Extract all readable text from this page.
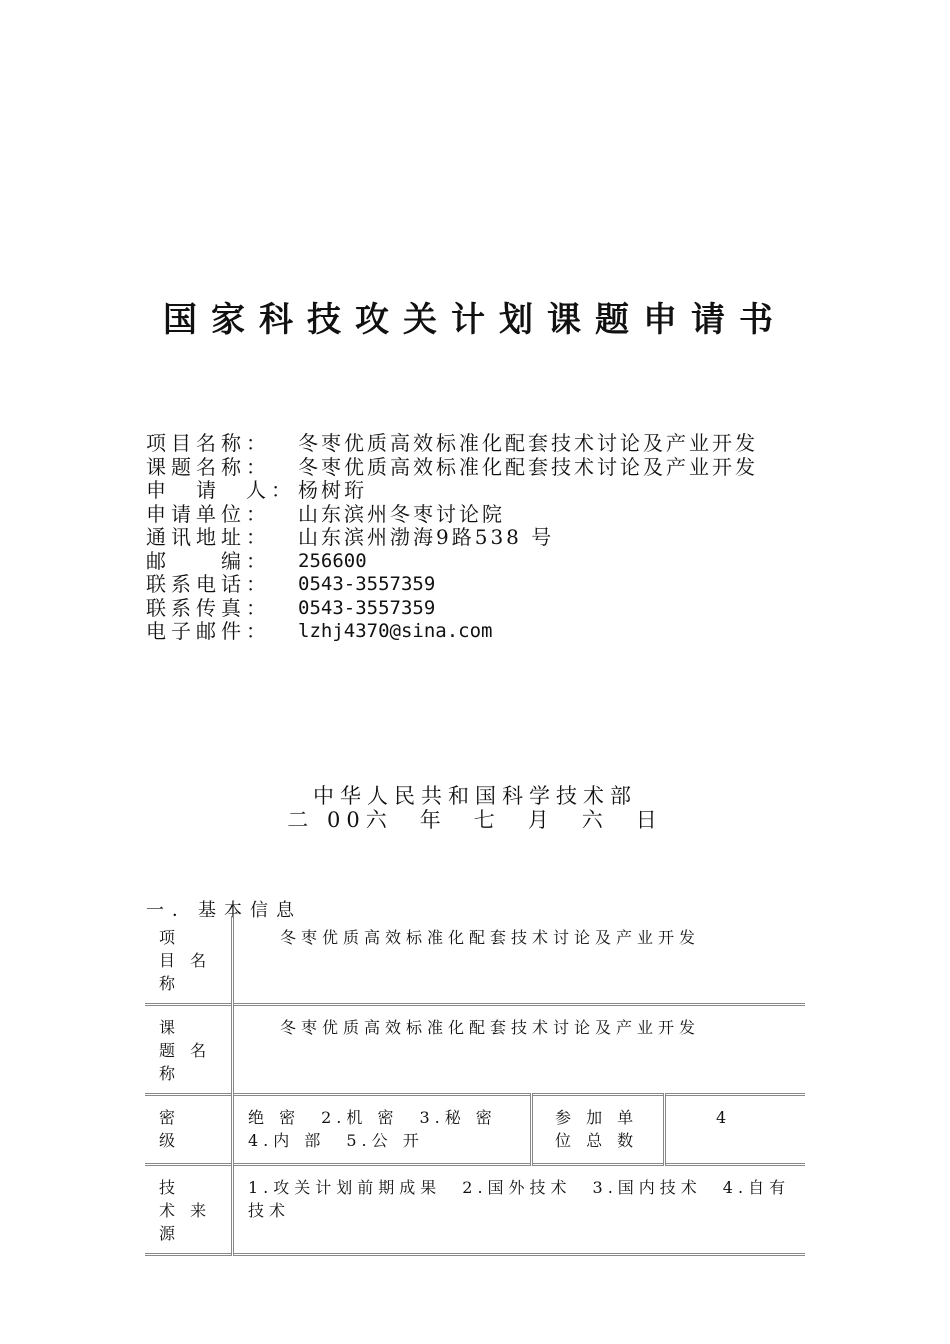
国家科技攻关计划课题申请书
项目名称：	冬枣优质高效标准化配套技术讨论及产业开发
课题名称：	冬枣优质高效标准化配套技术讨论及产业开发
申　请　人： 杨树珩
申请单位：	山东滨州冬枣讨论院
通讯地址：	山东滨州渤海9路538 号
邮　　编：	256600
联系电话：	0543-3557359
联系传真：	0543-3557359
电子邮件：	lzhj4370@sina.com
中华人民共和国科学技术部
二 00六　年　七　月　六　日
一．基本信息
项　目 名　称	冬枣优质高效标准化配套技术讨论及产业开发		
课　题 名　称	冬枣优质高效标准化配套技术讨论及产业开发		
密　级	绝 密　2.机 密　3.秘 密　4.内 部　5.公 开	参 加 单 位 总 数	4
技　术 来　源	1.攻关计划前期成果　2.国外技术　3.国内技术　4.自有技术		
